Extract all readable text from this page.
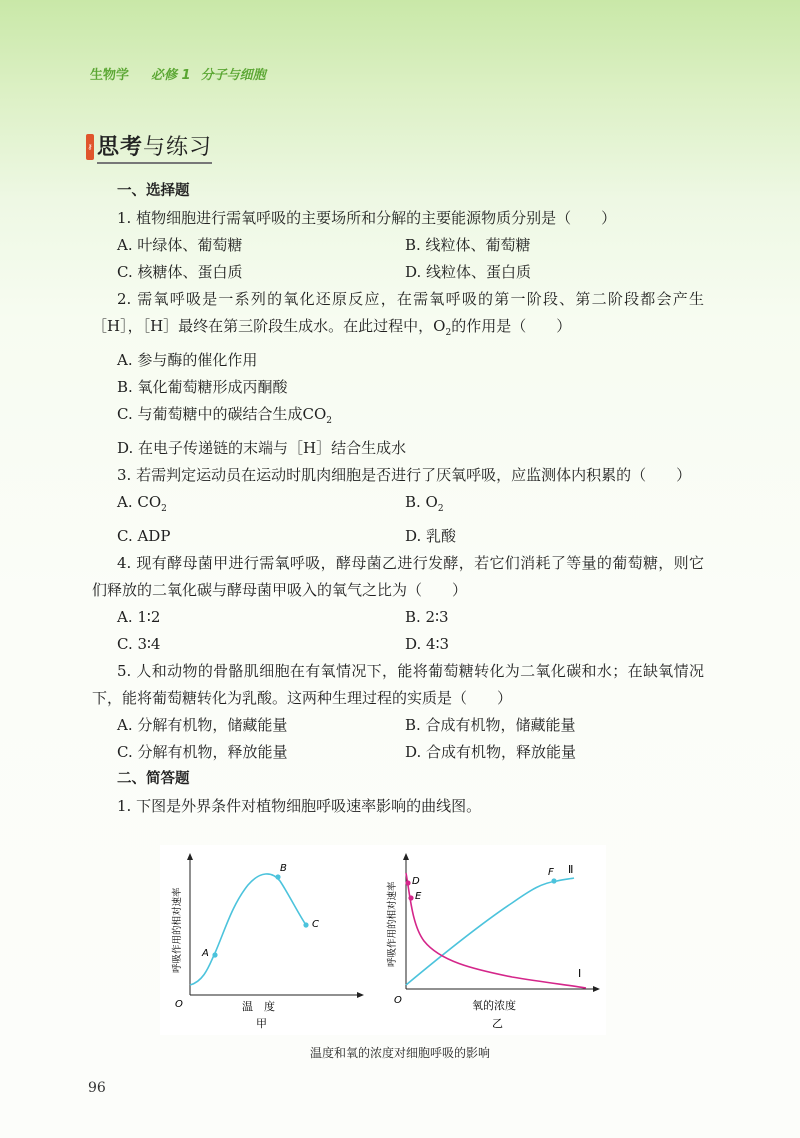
生物学 必修 1 分子与细胞
⚷ 思考与练习
一、选择题

1. 植物细胞进行需氧呼吸的主要场所和分解的主要能源物质分别是（　　）

A. 叶绿体、葡萄糖	B. 线粒体、葡萄糖
C. 核糖体、蛋白质	D. 线粒体、蛋白质

2. 需氧呼吸是一系列的氧化还原反应，在需氧呼吸的第一阶段、第二阶段都会产生［H］，［H］最终在第三阶段生成水。在此过程中，$O_2$的作用是（　　）

A. 参与酶的催化作用
B. 氧化葡萄糖形成丙酮酸
C. 与葡萄糖中的碳结合生成$CO_2$
D. 在电子传递链的末端与［H］结合生成水

3. 若需判定运动员在运动时肌肉细胞是否进行了厌氧呼吸，应监测体内积累的（　　）

A. $CO_2$	B. $O_2$
C. ADP	D. 乳酸

4. 现有酵母菌甲进行需氧呼吸，酵母菌乙进行发酵，若它们消耗了等量的葡萄糖，则它们释放的二氧化碳与酵母菌甲吸入的氧气之比为（　　）

A. 1∶2	B. 2∶3
C. 3∶4	D. 4∶3

5. 人和动物的骨骼肌细胞在有氧情况下，能将葡萄糖转化为二氧化碳和水；在缺氧情况下，能将葡萄糖转化为乳酸。这两种生理过程的实质是（　　）

A. 分解有机物，储藏能量	B. 合成有机物，储藏能量
C. 分解有机物，释放能量	D. 合成有机物，释放能量
二、简答题

1. 下图是外界条件对植物细胞呼吸速率影响的曲线图。

A
B
C
O	温　度
甲
呼吸作用的相对速率
D
E
F Ⅱ
Ⅰ
O	氧的浓度
乙
呼吸作用的相对速率
温度和氧的浓度对细胞呼吸的影响
96
